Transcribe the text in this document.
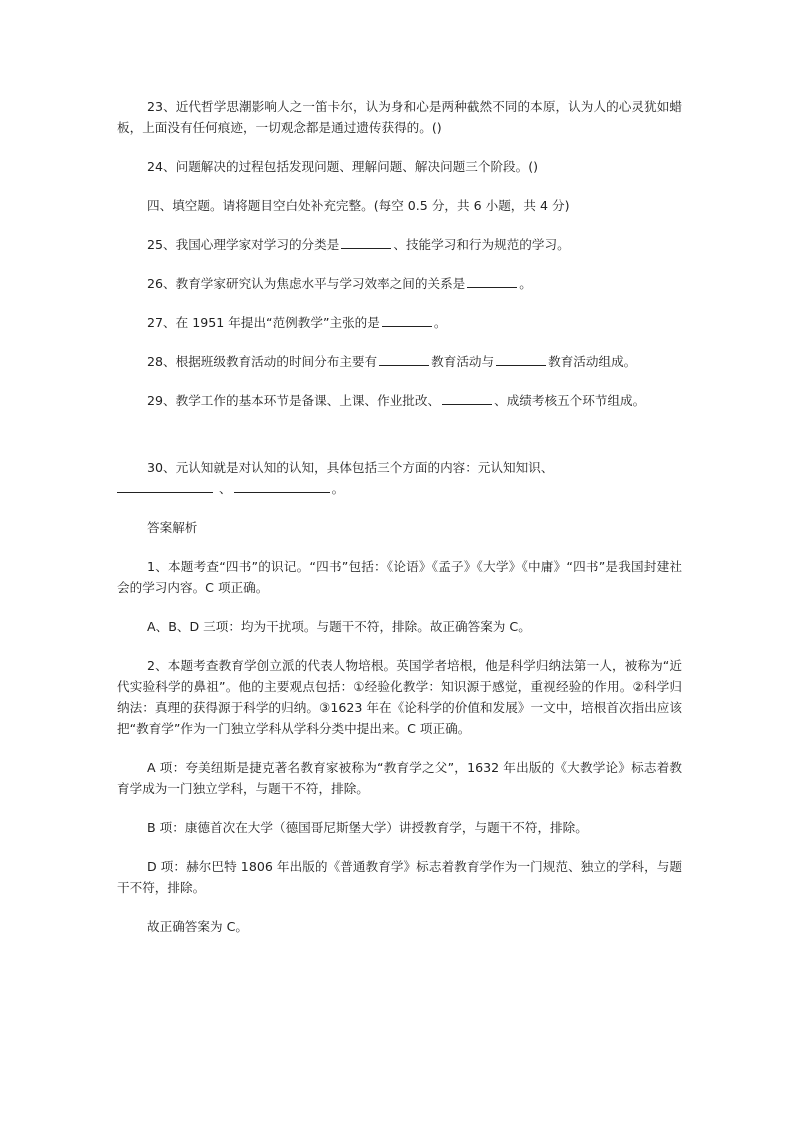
23、近代哲学思潮影响人之一笛卡尔，认为身和心是两种截然不同的本原，认为人的心灵犹如蜡板，上面没有任何痕迹，一切观念都是通过遗传获得的。()

24、问题解决的过程包括发现问题、理解问题、解决问题三个阶段。()

四、填空题。请将题目空白处补充完整。(每空 0.5 分，共 6 小题，共 4 分)

25、我国心理学家对学习的分类是	、技能学习和行为规范的学习。

26、教育学家研究认为焦虑水平与学习效率之间的关系是	。

27、在 1951 年提出“范例教学”主张的是	。

28、根据班级教育活动的时间分布主要有	教育活动与	教育活动组成。

29、教学工作的基本环节是备课、上课、作业批改、	、成绩考核五个环节组成。

30、元认知就是对认知的认知，具体包括三个方面的内容：元认知知识、

、	。

答案解析

1、本题考查“四书”的识记。“四书”包括：《论语》《孟子》《大学》《中庸》“四书”是我国封建社会的学习内容。C 项正确。

A、B、D 三项：均为干扰项。与题干不符，排除。故正确答案为 C。

2、本题考查教育学创立派的代表人物培根。英国学者培根，他是科学归纳法第一人，被称为“近代实验科学的鼻祖”。他的主要观点包括：①经验化教学：知识源于感觉，重视经验的作用。②科学归纳法：真理的获得源于科学的归纳。③1623 年在《论科学的价值和发展》一文中，培根首次指出应该把“教育学”作为一门独立学科从学科分类中提出来。C 项正确。

A 项：夸美纽斯是捷克著名教育家被称为“教育学之父”，1632 年出版的《大教学论》标志着教育学成为一门独立学科，与题干不符，排除。

B 项：康德首次在大学（德国哥尼斯堡大学）讲授教育学，与题干不符，排除。

D 项：赫尔巴特 1806 年出版的《普通教育学》标志着教育学作为一门规范、独立的学科，与题干不符，排除。

故正确答案为 C。
